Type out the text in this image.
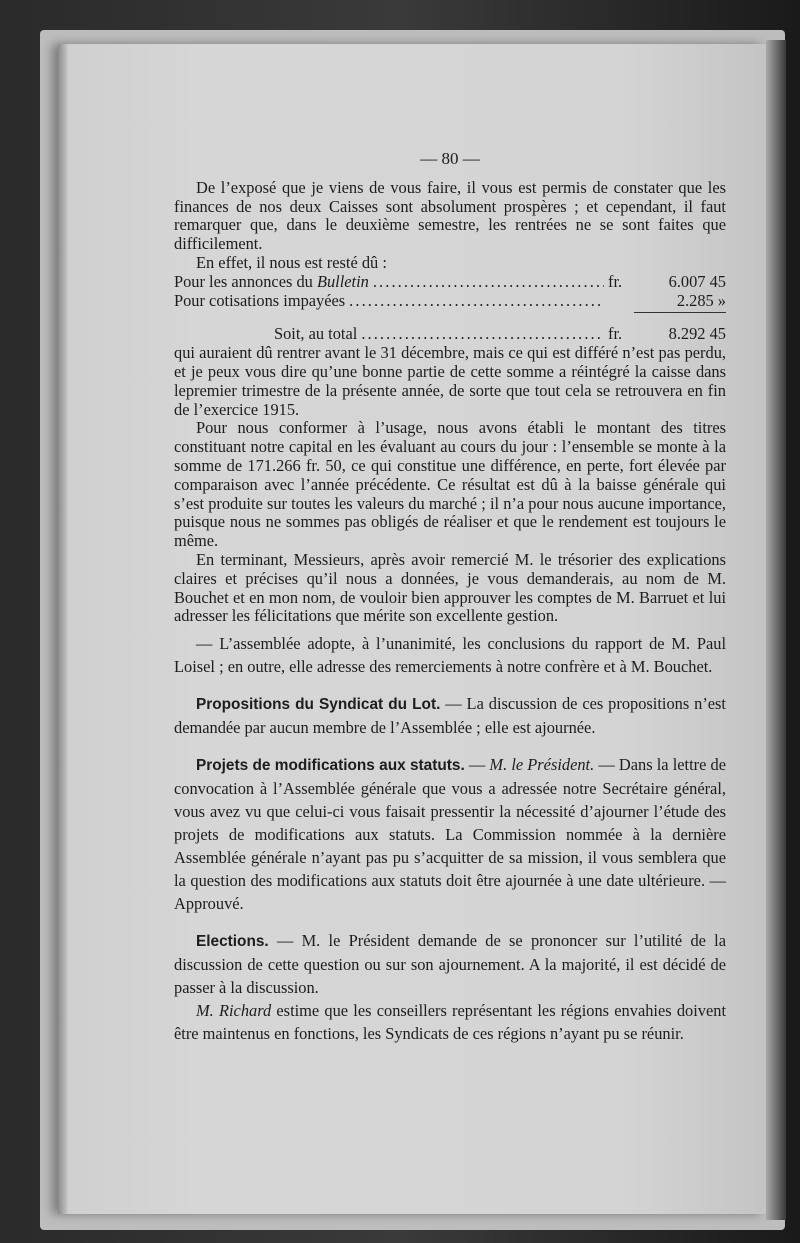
— 80 —

De l’exposé que je viens de vous faire, il vous est permis de constater que les finances de nos deux Caisses sont absolument prospères ; et cependant, il faut remarquer que, dans le deuxième semestre, les rentrées ne se sont faites que difficilement.

En effet, il nous est resté dû :

Pour les annonces du Bulletin . . .	fr.	6.007 45
Pour cotisations impayées . . .	2.285 »
Soit, au total . . .	fr.	8.292 45

qui auraient dû rentrer avant le 31 décembre, mais ce qui est différé n’est pas perdu, et je peux vous dire qu’une bonne partie de cette somme a réintégré la caisse dans lepremier trimestre de la présente année, de sorte que tout cela se retrouvera en fin de l’exercice 1915.

Pour nous conformer à l’usage, nous avons établi le montant des titres constituant notre capital en les évaluant au cours du jour : l’ensemble se monte à la somme de 171.266 fr. 50, ce qui constitue une différence, en perte, fort élevée par comparaison avec l’année précédente. Ce résultat est dû à la baisse générale qui s’est produite sur toutes les valeurs du marché ; il n’a pour nous aucune importance, puisque nous ne sommes pas obligés de réaliser et que le rendement est toujours le même.

En terminant, Messieurs, après avoir remercié M. le trésorier des explications claires et précises qu’il nous a données, je vous demanderais, au nom de M. Bouchet et en mon nom, de vouloir bien approuver les comptes de M. Barruet et lui adresser les félicitations que mérite son excellente gestion.

— L’assemblée adopte, à l’unanimité, les conclusions du rapport de M. Paul Loisel ; en outre, elle adresse des remerciements à notre confrère et à M. Bouchet.

Propositions du Syndicat du Lot. — La discussion de ces propositions n’est demandée par aucun membre de l’Assemblée ; elle est ajournée.

Projets de modifications aux statuts. — M. le Président. — Dans la lettre de convocation à l’Assemblée générale que vous a adressée notre Secrétaire général, vous avez vu que celui-ci vous faisait pressentir la nécessité d’ajourner l’étude des projets de modifications aux statuts. La Commission nommée à la dernière Assemblée générale n’ayant pas pu s’acquitter de sa mission, il vous semblera que la question des modifications aux statuts doit être ajournée à une date ultérieure. — Approuvé.

Elections. — M. le Président demande de se prononcer sur l’utilité de la discussion de cette question ou sur son ajournement. A la majorité, il est décidé de passer à la discussion.

M. Richard estime que les conseillers représentant les régions envahies doivent être maintenus en fonctions, les Syndicats de ces régions n’ayant pu se réunir.
